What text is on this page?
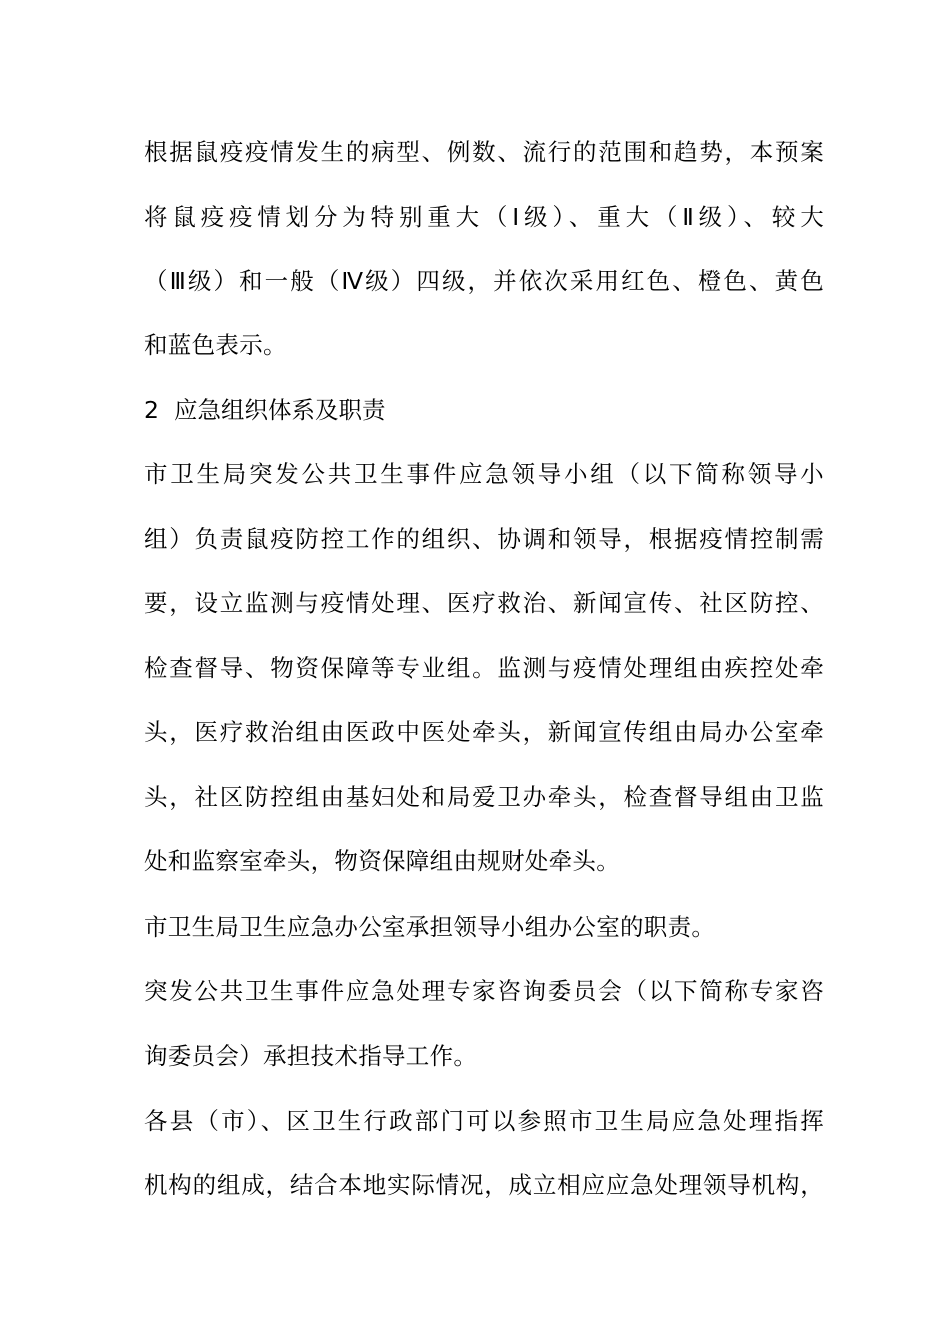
根据鼠疫疫情发生的病型、例数、流行的范围和趋势，本预案
将鼠疫疫情划分为特别重大（Ⅰ级）、重大（Ⅱ级）、较大
（Ⅲ级）和一般（Ⅳ级）四级，并依次采用红色、橙色、黄色
和蓝色表示。
2 应急组织体系及职责
市卫生局突发公共卫生事件应急领导小组（以下简称领导小
组）负责鼠疫防控工作的组织、协调和领导，根据疫情控制需
要，设立监测与疫情处理、医疗救治、新闻宣传、社区防控、
检查督导、物资保障等专业组。监测与疫情处理组由疾控处牵
头，医疗救治组由医政中医处牵头，新闻宣传组由局办公室牵
头，社区防控组由基妇处和局爱卫办牵头，检查督导组由卫监
处和监察室牵头，物资保障组由规财处牵头。
市卫生局卫生应急办公室承担领导小组办公室的职责。
突发公共卫生事件应急处理专家咨询委员会（以下简称专家咨
询委员会）承担技术指导工作。
各县（市）、区卫生行政部门可以参照市卫生局应急处理指挥
机构的组成，结合本地实际情况，成立相应应急处理领导机构，
